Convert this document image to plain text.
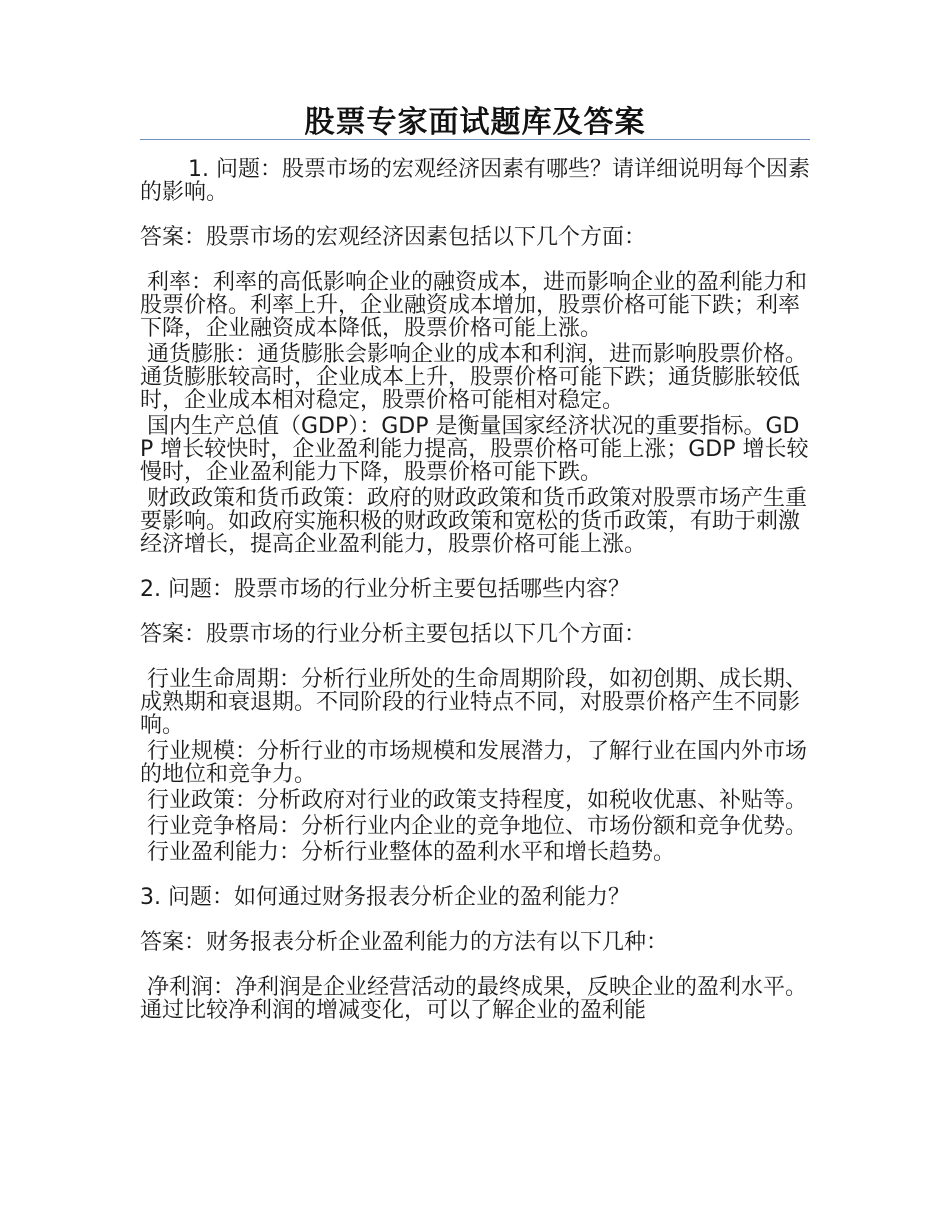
股票专家面试题库及答案

1. 问题：股票市场的宏观经济因素有哪些？请详细说明每个因素的影响。

答案：股票市场的宏观经济因素包括以下几个方面：

利率：利率的高低影响企业的融资成本，进而影响企业的盈利能力和股票价格。利率上升，企业融资成本增加，股票价格可能下跌；利率下降，企业融资成本降低，股票价格可能上涨。

通货膨胀：通货膨胀会影响企业的成本和利润，进而影响股票价格。通货膨胀较高时，企业成本上升，股票价格可能下跌；通货膨胀较低时，企业成本相对稳定，股票价格可能相对稳定。

国内生产总值（GDP）：GDP 是衡量国家经济状况的重要指标。GDP 增长较快时，企业盈利能力提高，股票价格可能上涨；GDP 增长较慢时，企业盈利能力下降，股票价格可能下跌。

财政政策和货币政策：政府的财政政策和货币政策对股票市场产生重要影响。如政府实施积极的财政政策和宽松的货币政策，有助于刺激经济增长，提高企业盈利能力，股票价格可能上涨。

2. 问题：股票市场的行业分析主要包括哪些内容？

答案：股票市场的行业分析主要包括以下几个方面：

行业生命周期：分析行业所处的生命周期阶段，如初创期、成长期、成熟期和衰退期。不同阶段的行业特点不同，对股票价格产生不同影响。

行业规模：分析行业的市场规模和发展潜力，了解行业在国内外市场的地位和竞争力。

行业政策：分析政府对行业的政策支持程度，如税收优惠、补贴等。

行业竞争格局：分析行业内企业的竞争地位、市场份额和竞争优势。

行业盈利能力：分析行业整体的盈利水平和增长趋势。

3. 问题：如何通过财务报表分析企业的盈利能力？

答案：财务报表分析企业盈利能力的方法有以下几种：

净利润：净利润是企业经营活动的最终成果，反映企业的盈利水平。通过比较净利润的增减变化，可以了解企业的盈利能
